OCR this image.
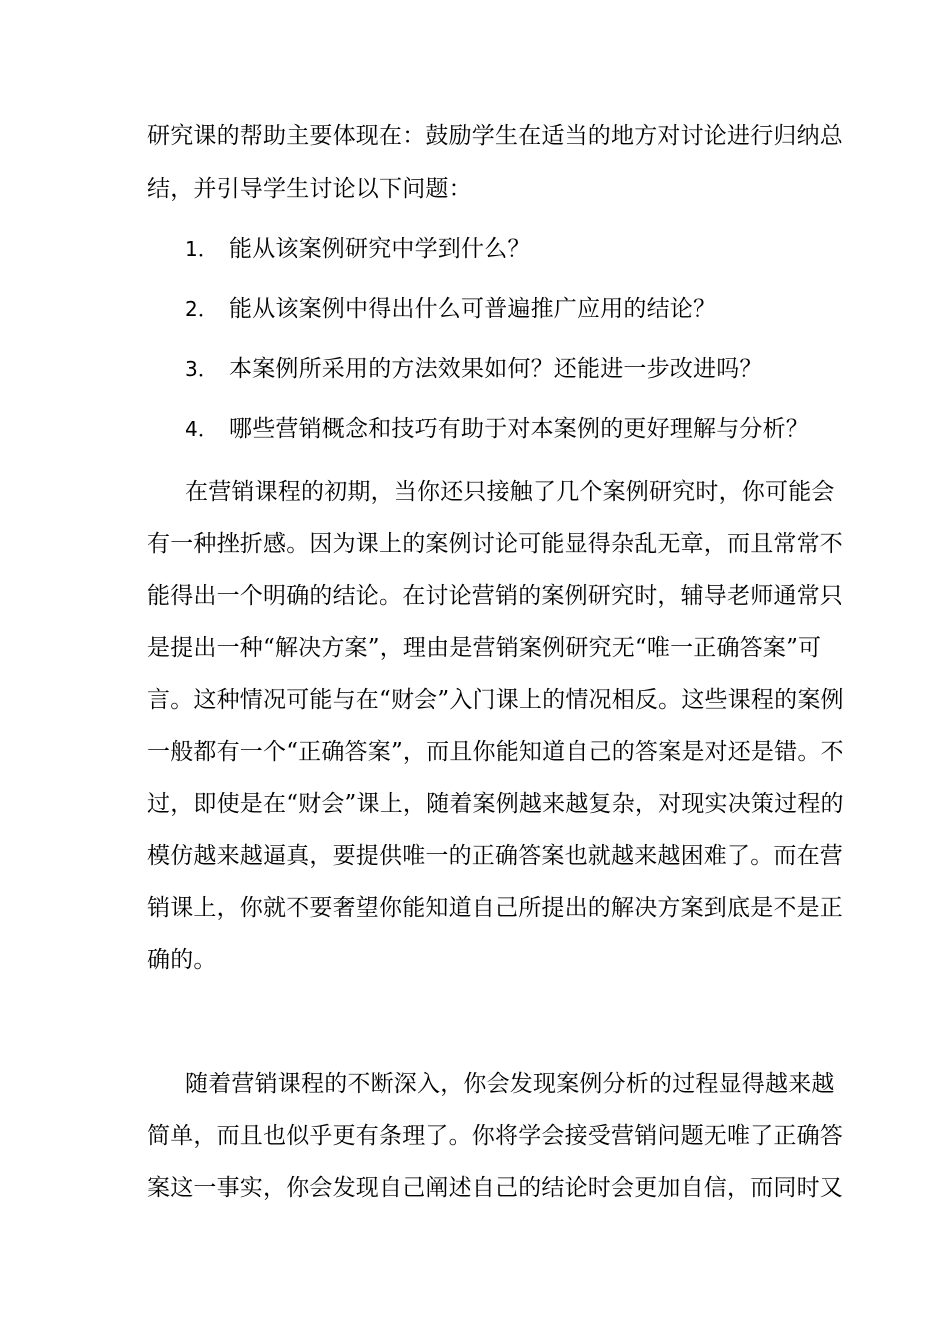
研究课的帮助主要体现在：鼓励学生在适当的地方对讨论进行归纳总
结，并引导学生讨论以下问题：
1． 能从该案例研究中学到什么？
2． 能从该案例中得出什么可普遍推广应用的结论？
3． 本案例所采用的方法效果如何？还能进一步改进吗？
4． 哪些营销概念和技巧有助于对本案例的更好理解与分析？
在营销课程的初期，当你还只接触了几个案例研究时，你可能会
有一种挫折感。因为课上的案例讨论可能显得杂乱无章，而且常常不
能得出一个明确的结论。在讨论营销的案例研究时，辅导老师通常只
是提出一种“解决方案”，理由是营销案例研究无“唯一正确答案”可
言。这种情况可能与在“财会”入门课上的情况相反。这些课程的案例
一般都有一个“正确答案”，而且你能知道自己的答案是对还是错。不
过，即使是在“财会”课上，随着案例越来越复杂，对现实决策过程的
模仿越来越逼真，要提供唯一的正确答案也就越来越困难了。而在营
销课上，你就不要奢望你能知道自己所提出的解决方案到底是不是正
确的。
随着营销课程的不断深入，你会发现案例分析的过程显得越来越
简单，而且也似乎更有条理了。你将学会接受营销问题无唯了正确答
案这一事实，你会发现自己阐述自己的结论时会更加自信，而同时又
